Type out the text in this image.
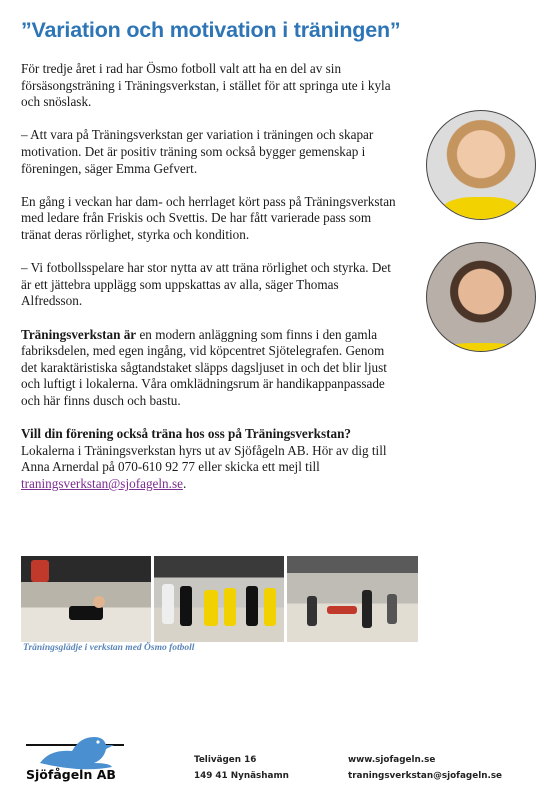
”Variation och motivation i träningen”

För tredje året i rad har Ösmo fotboll valt att ha en del av sin försäsongsträning i Träningsverkstan, i stället för att springa ute i kyla och snöslask.

– Att vara på Träningsverkstan ger variation i träningen och skapar motivation. Det är positiv träning som också bygger gemenskap i föreningen, säger Emma Gefvert.

En gång i veckan har dam- och herrlaget kört pass på Träningsverkstan med ledare från Friskis och Svettis. De har fått varierade pass som tränat deras rörlighet, styrka och kondition.

– Vi fotbollsspelare har stor nytta av att träna rörlighet och styrka. Det är ett jättebra upplägg som uppskattas av alla, säger Thomas Alfredsson.

Träningsverkstan är en modern anläggning som finns i den gamla fabriksdelen, med egen ingång, vid köpcentret Sjötelegrafen. Genom det karaktäristiska sågtandstaket släpps dagsljuset in och det blir ljust och luftigt i lokalerna. Våra omklädningsrum är handikappanpassade och här finns dusch och bastu.

Vill din förening också träna hos oss på Träningsverkstan? Lokalerna i Träningsverkstan hyrs ut av Sjöfågeln AB. Hör av dig till Anna Arnerdal på 070-610 92 77 eller skicka ett mejl till traningsverkstan@sjofageln.se.

Träningsglädje i verkstan med Ösmo fotboll
Sjöfågeln AB
Telivägen 16
149 41 Nynäshamn
www.sjofageln.se
traningsverkstan@sjofageln.se
